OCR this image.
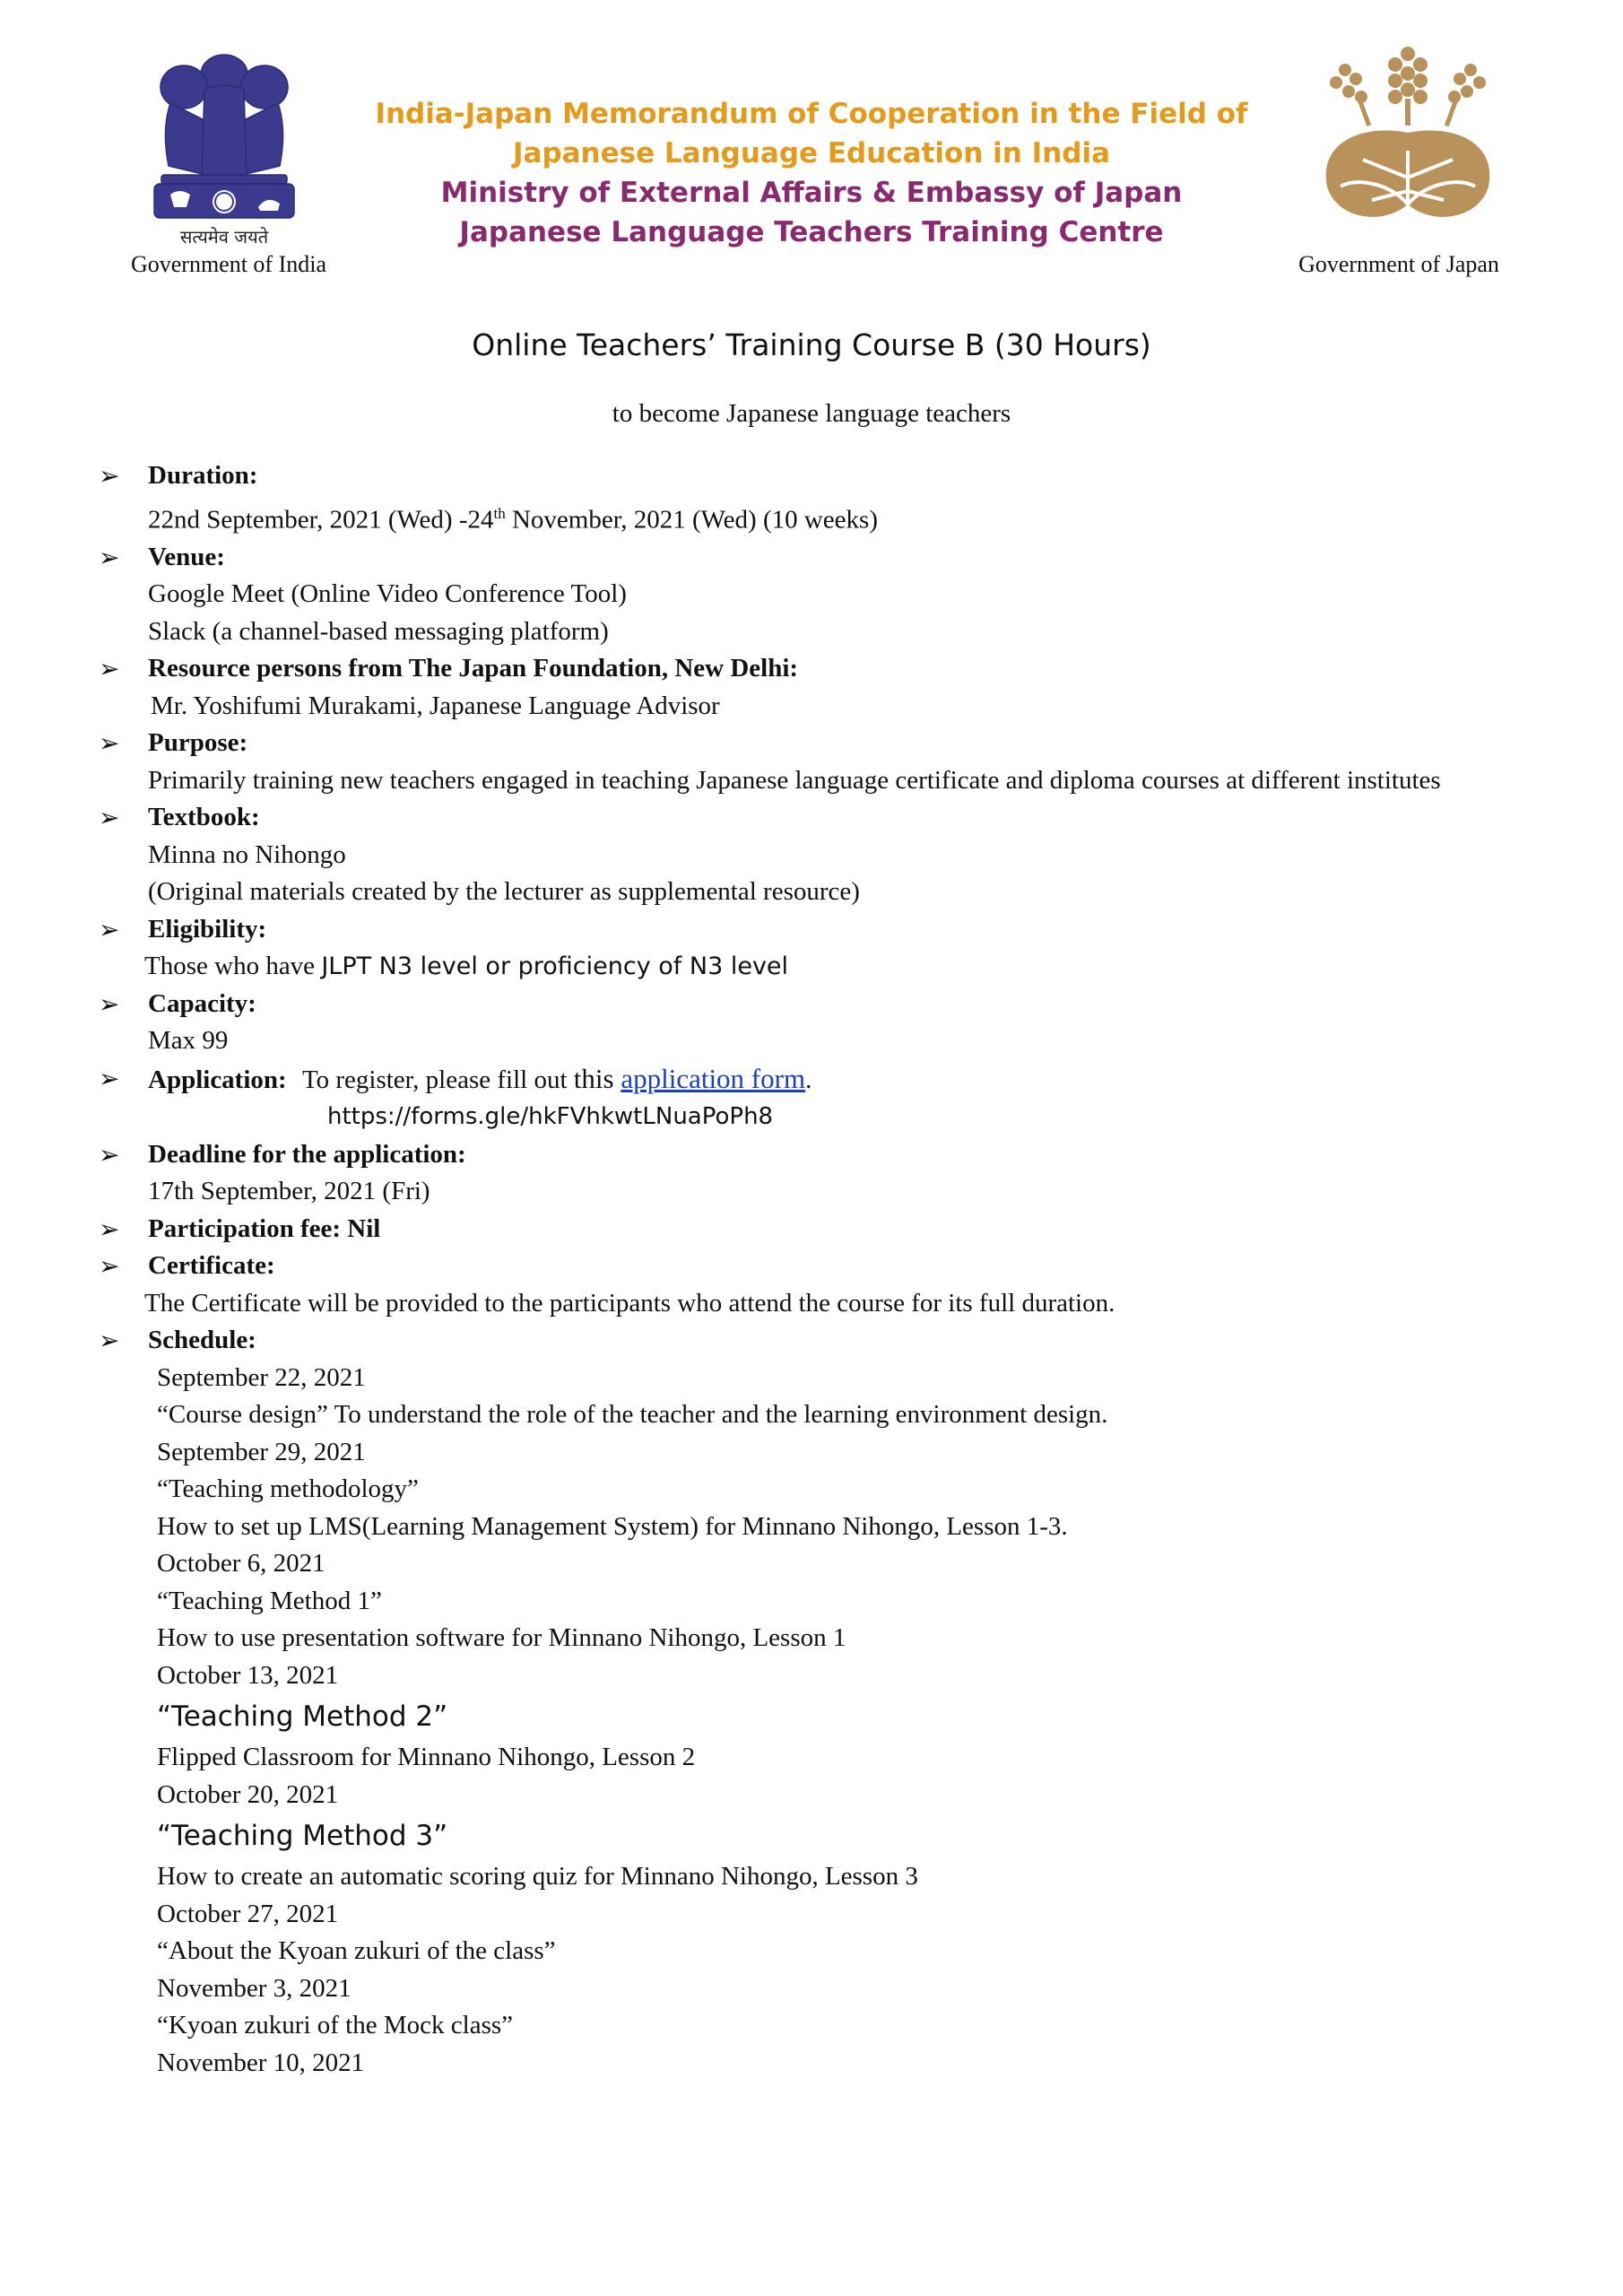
सत्यमेव जयते
Government of India	Government of Japan
India-Japan Memorandum of Cooperation in the Field of
Japanese Language Education in India
Ministry of External Affairs & Embassy of Japan
Japanese Language Teachers Training Centre
Online Teachers’ Training Course B (30 Hours)
to become Japanese language teachers
➢	Duration:
22nd September, 2021 (Wed) -24th November, 2021 (Wed) (10 weeks)
➢	Venue:
Google Meet (Online Video Conference Tool)
Slack (a channel-based messaging platform)
➢	Resource persons from The Japan Foundation, New Delhi:
Mr. Yoshifumi Murakami, Japanese Language Advisor
➢	Purpose:
Primarily training new teachers engaged in teaching Japanese language certificate and diploma courses at different institutes
➢	Textbook:
Minna no Nihongo
(Original materials created by the lecturer as supplemental resource)
➢	Eligibility:
Those who have JLPT N3 level or proficiency of N3 level
➢	Capacity:
Max 99
➢	Application: To register, please fill out this application form.
https://forms.gle/hkFVhkwtLNuaPoPh8
➢	Deadline for the application:
17th September, 2021 (Fri)
➢	Participation fee: Nil
➢	Certificate:
The Certificate will be provided to the participants who attend the course for its full duration.
➢	Schedule:
September 22, 2021
“Course design” To understand the role of the teacher and the learning environment design.
September 29, 2021
“Teaching methodology”
How to set up LMS(Learning Management System) for Minnano Nihongo, Lesson 1-3.
October 6, 2021
“Teaching Method 1”
How to use presentation software for Minnano Nihongo, Lesson 1
October 13, 2021
“Teaching Method 2”
Flipped Classroom for Minnano Nihongo, Lesson 2
October 20, 2021
“Teaching Method 3”
How to create an automatic scoring quiz for Minnano Nihongo, Lesson 3
October 27, 2021
“About the Kyoan zukuri of the class”
November 3, 2021
“Kyoan zukuri of the Mock class”
November 10, 2021
